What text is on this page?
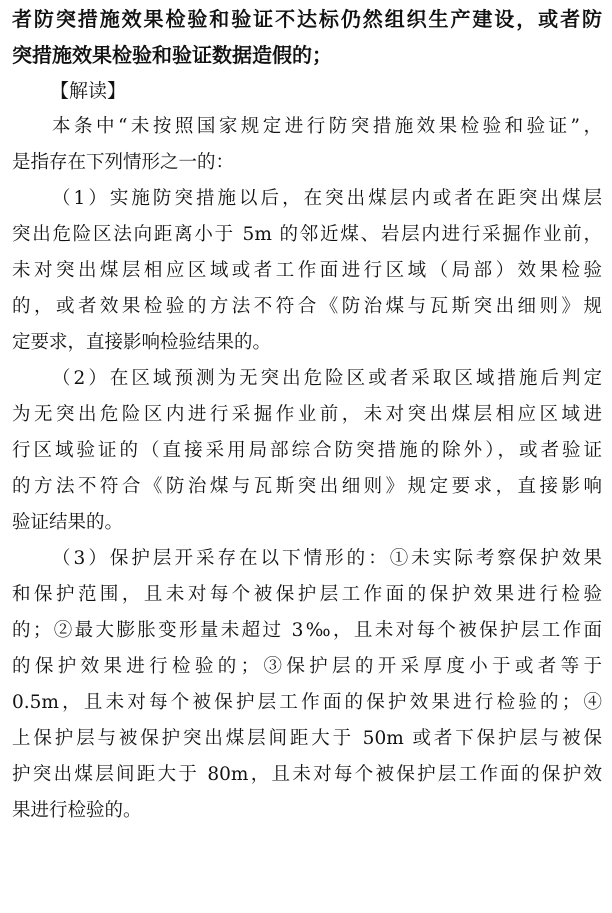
者防突措施效果检验和验证不达标仍然组织生产建设，或者防
突措施效果检验和验证数据造假的；
【解读】
本条中“未按照国家规定进行防突措施效果检验和验证”，
是指存在下列情形之一的：
（1）实施防突措施以后，在突出煤层内或者在距突出煤层
突出危险区法向距离小于 5m 的邻近煤、岩层内进行采掘作业前，
未对突出煤层相应区域或者工作面进行区域（局部）效果检验
的，或者效果检验的方法不符合《防治煤与瓦斯突出细则》规
定要求，直接影响检验结果的。
（2）在区域预测为无突出危险区或者采取区域措施后判定
为无突出危险区内进行采掘作业前，未对突出煤层相应区域进
行区域验证的（直接采用局部综合防突措施的除外），或者验证
的方法不符合《防治煤与瓦斯突出细则》规定要求，直接影响
验证结果的。
（3）保护层开采存在以下情形的：①未实际考察保护效果
和保护范围，且未对每个被保护层工作面的保护效果进行检验
的；②最大膨胀变形量未超过 3‰，且未对每个被保护层工作面
的保护效果进行检验的；③保护层的开采厚度小于或者等于
0.5m，且未对每个被保护层工作面的保护效果进行检验的；④
上保护层与被保护突出煤层间距大于 50m 或者下保护层与被保
护突出煤层间距大于 80m，且未对每个被保护层工作面的保护效
果进行检验的。
